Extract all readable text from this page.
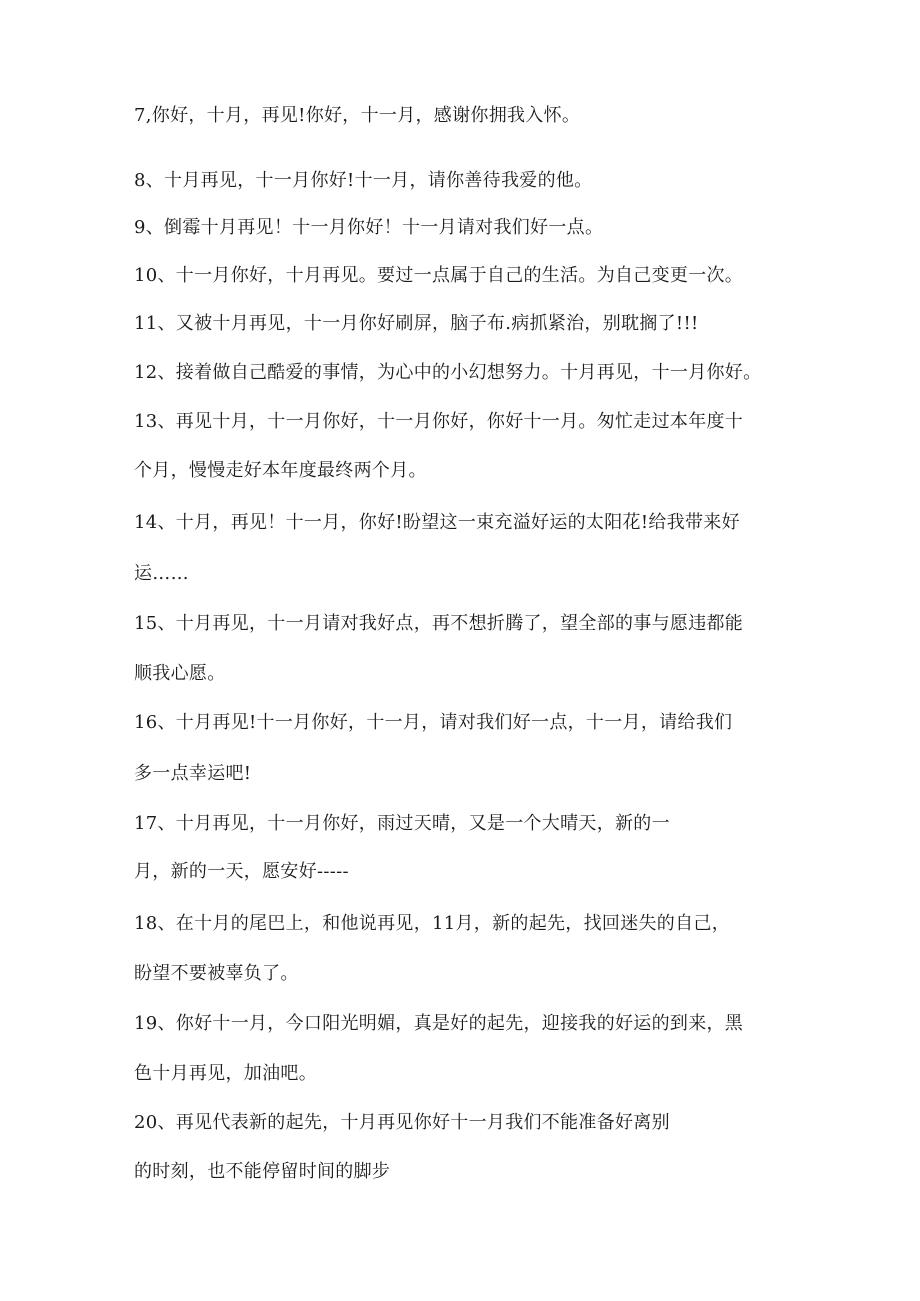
7,你好，十月，再见!你好，十一月，感谢你拥我入怀。
8、十月再见，十一月你好!十一月，请你善待我爱的他。
9、倒霉十月再见！十一月你好！十一月请对我们好一点。
10、十一月你好，十月再见。要过一点属于自己的生活。为自己变更一次。
11、又被十月再见，十一月你好刷屏，脑子布.病抓紧治，别耽搁了!!!
12、接着做自己酷爱的事情，为心中的小幻想努力。十月再见，十一月你好。
13、再见十月，十一月你好，十一月你好，你好十一月。匆忙走过本年度十
个月，慢慢走好本年度最终两个月。
14、十月，再见！十一月，你好!盼望这一束充溢好运的太阳花!给我带来好
运……
15、十月再见，十一月请对我好点，再不想折腾了，望全部的事与愿违都能
顺我心愿。
16、十月再见!十一月你好，十一月，请对我们好一点，十一月，请给我们
多一点幸运吧!
17、十月再见，十一月你好，雨过天晴，又是一个大晴天，新的一
月，新的一天，愿安好-----
18、在十月的尾巴上，和他说再见，11月，新的起先，找回迷失的自己，
盼望不要被辜负了。
19、你好十一月，今口阳光明媚，真是好的起先，迎接我的好运的到来，黑
色十月再见，加油吧。
20、再见代表新的起先，十月再见你好十一月我们不能准备好离别
的时刻，也不能停留时间的脚步
